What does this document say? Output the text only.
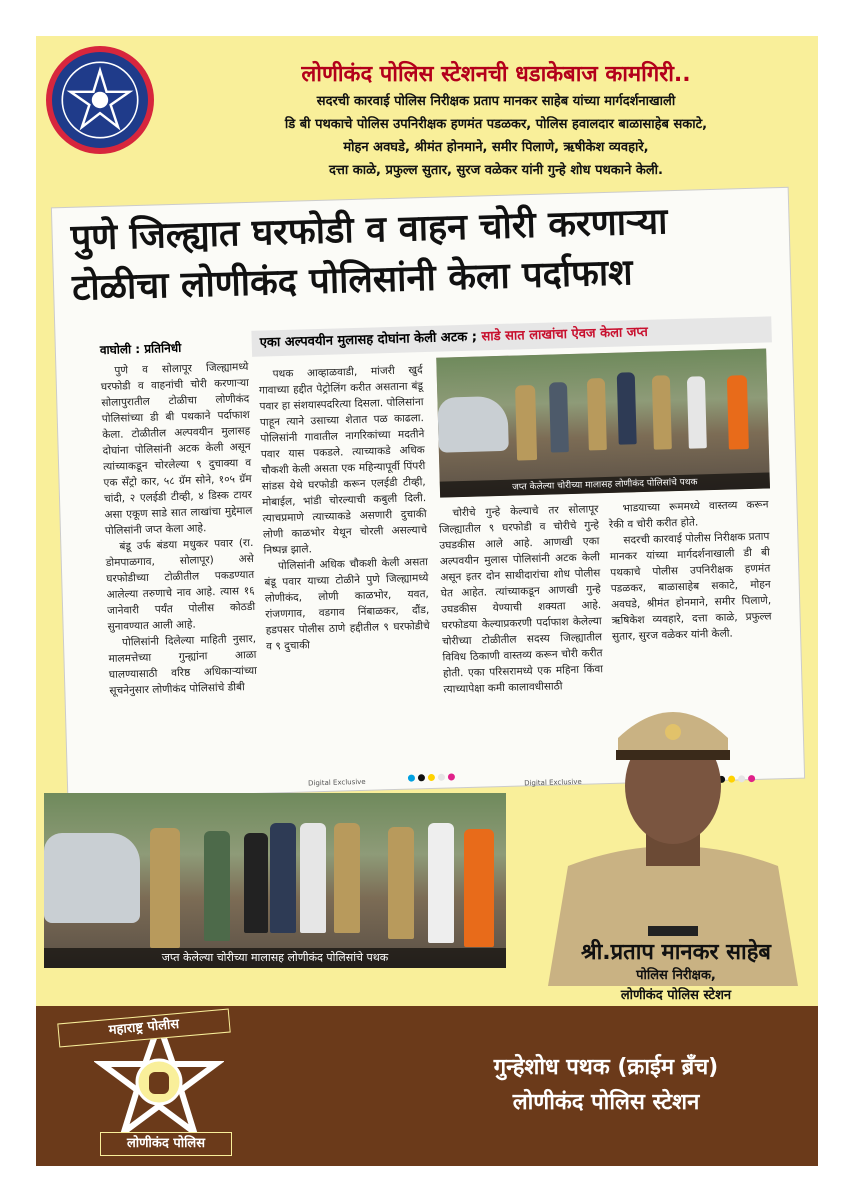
लोणीकंद पोलिस स्टेशनची धडाकेबाज कामगिरी..
सदरची कारवाई पोलिस निरीक्षक प्रताप मानकर साहेब यांच्या मार्गदर्शनाखाली
डि बी पथकाचे पोलिस उपनिरीक्षक हणमंत पडळकर, पोलिस हवालदार बाळासाहेब सकाटे,
मोहन अवघडे, श्रीमंत होनमाने, समीर पिलाणे, ऋषीकेश व्यवहारे,
दत्ता काळे, प्रफुल्ल सुतार, सुरज वळेकर यांनी गुन्हे शोध पथकाने केली.
पुणे जिल्ह्यात घरफोडी व वाहन चोरी करणाऱ्या
टोळीचा लोणीकंद पोलिसांनी केला पर्दाफाश
एका अल्पवयीन मुलासह दोघांना केली अटक ; साडे सात लाखांचा ऐवज केला जप्त
वाघोली : प्रतिनिधी

पुणे व सोलापूर जिल्ह्यामध्ये घरफोडी व वाहनांची चोरी करणाऱ्या सोलापुरातील टोळीचा लोणीकंद पोलिसांच्या डी बी पथकाने पर्दाफाश केला. टोळीतील अल्पवयीन मुलासह दोघांना पोलिसांनी अटक केली असून त्यांच्याकडून चोरलेल्या ९ दुचाक्या व एक सँट्रो कार, ५८ ग्रॅम सोने, १०५ ग्रॅम चांदी, २ एलईडी टीव्ही, ४ डिस्क टायर असा एकूण साडे सात लाखांचा मुद्देमाल पोलिसांनी जप्त केला आहे.

बंडू उर्फ बंडया मधुकर पवार (रा. डोमपाळगाव, सोलापूर) असे घरफोडीच्या टोळीतील पकडण्यात आलेल्या तरुणाचे नाव आहे. त्यास १६ जानेवारी पर्यंत पोलीस कोठडी सुनावण्यात आली आहे.

पोलिसांनी दिलेल्या माहिती नुसार, मालमत्तेच्या गुन्ह्यांना आळा घालण्यासाठी वरिष्ठ अधिकाऱ्यांच्या सूचनेनुसार लोणीकंद पोलिसांचे डीबी

पथक आव्हाळवाडी, मांजरी खुर्द गावाच्या हद्दीत पेट्रोलिंग करीत असताना बंडू पवार हा संशयास्पदरित्या दिसला. पोलिसांना पाहून त्याने उसाच्या शेतात पळ काढला. पोलिसांनी गावातील नागरिकांच्या मदतीने पवार यास पकडले. त्याच्याकडे अधिक चौकशी केली असता एक महिन्यापूर्वी पिंपरी सांडस येथे घरफोडी करून एलईडी टीव्ही, मोबाईल, भांडी चोरल्याची कबुली दिली. त्याचप्रमाणे त्याच्याकडे असणारी दुचाकी लोणी काळभोर येथून चोरली असल्याचे निष्पन्न झाले.

पोलिसांनी अधिक चौकशी केली असता बंडू पवार याच्या टोळीने पुणे जिल्ह्यामध्ये लोणीकंद, लोणी काळभोर, यवत, रांजणगाव, वडगाव निंबाळकर, दौंड, हडपसर पोलीस ठाणे हद्दीतील ९ घरफोडीचे व ९ दुचाकी

चोरीचे गुन्हे केल्याचे तर सोलापूर जिल्ह्यातील ९ घरफोडी व चोरीचे गुन्हे उघडकीस आले आहे. आणखी एका अल्पवयीन मुलास पोलिसांनी अटक केली असून इतर दोन साथीदारांचा शोध पोलीस घेत आहेत. त्यांच्याकडून आणखी गुन्हे उघडकीस येण्याची शक्यता आहे. घरफोडया केल्याप्रकरणी पर्दाफाश केलेल्या चोरीच्या टोळीतील सदस्य जिल्ह्यातील विविध ठिकाणी वास्तव्य करून चोरी करीत होती. एका परिसरामध्ये एक महिना किंवा त्याच्यापेक्षा कमी कालावधीसाठी

भाडयाच्या रूममध्ये वास्तव्य करून रेकी व चोरी करीत होते.

सदरची कारवाई पोलीस निरीक्षक प्रताप मानकर यांच्या मार्गदर्शनाखाली डी बी पथकाचे पोलीस उपनिरीक्षक हणमंत पडळकर, बाळासाहेब सकाटे, मोहन अवघडे, श्रीमंत होनमाने, समीर पिलाणे, ऋषिकेश व्यवहारे, दत्ता काळे, प्रफुल्ल सुतार, सुरज वळेकर यांनी केली.

जप्त केलेल्या चोरीच्या मालासह लोणीकंद पोलिसांचे पथक
Digital Exclusive	Digital Exclusive
जप्त केलेल्या चोरीच्या मालासह लोणीकंद पोलिसांचे पथक	श्री.प्रताप मानकर साहेब
पोलिस निरीक्षक,
लोणीकंद पोलिस स्टेशन
गुन्हेशोध पथक (क्राईम ब्रँच)
लोणीकंद पोलिस स्टेशन
महाराष्ट्र पोलीस
लोणीकंद पोलिस
